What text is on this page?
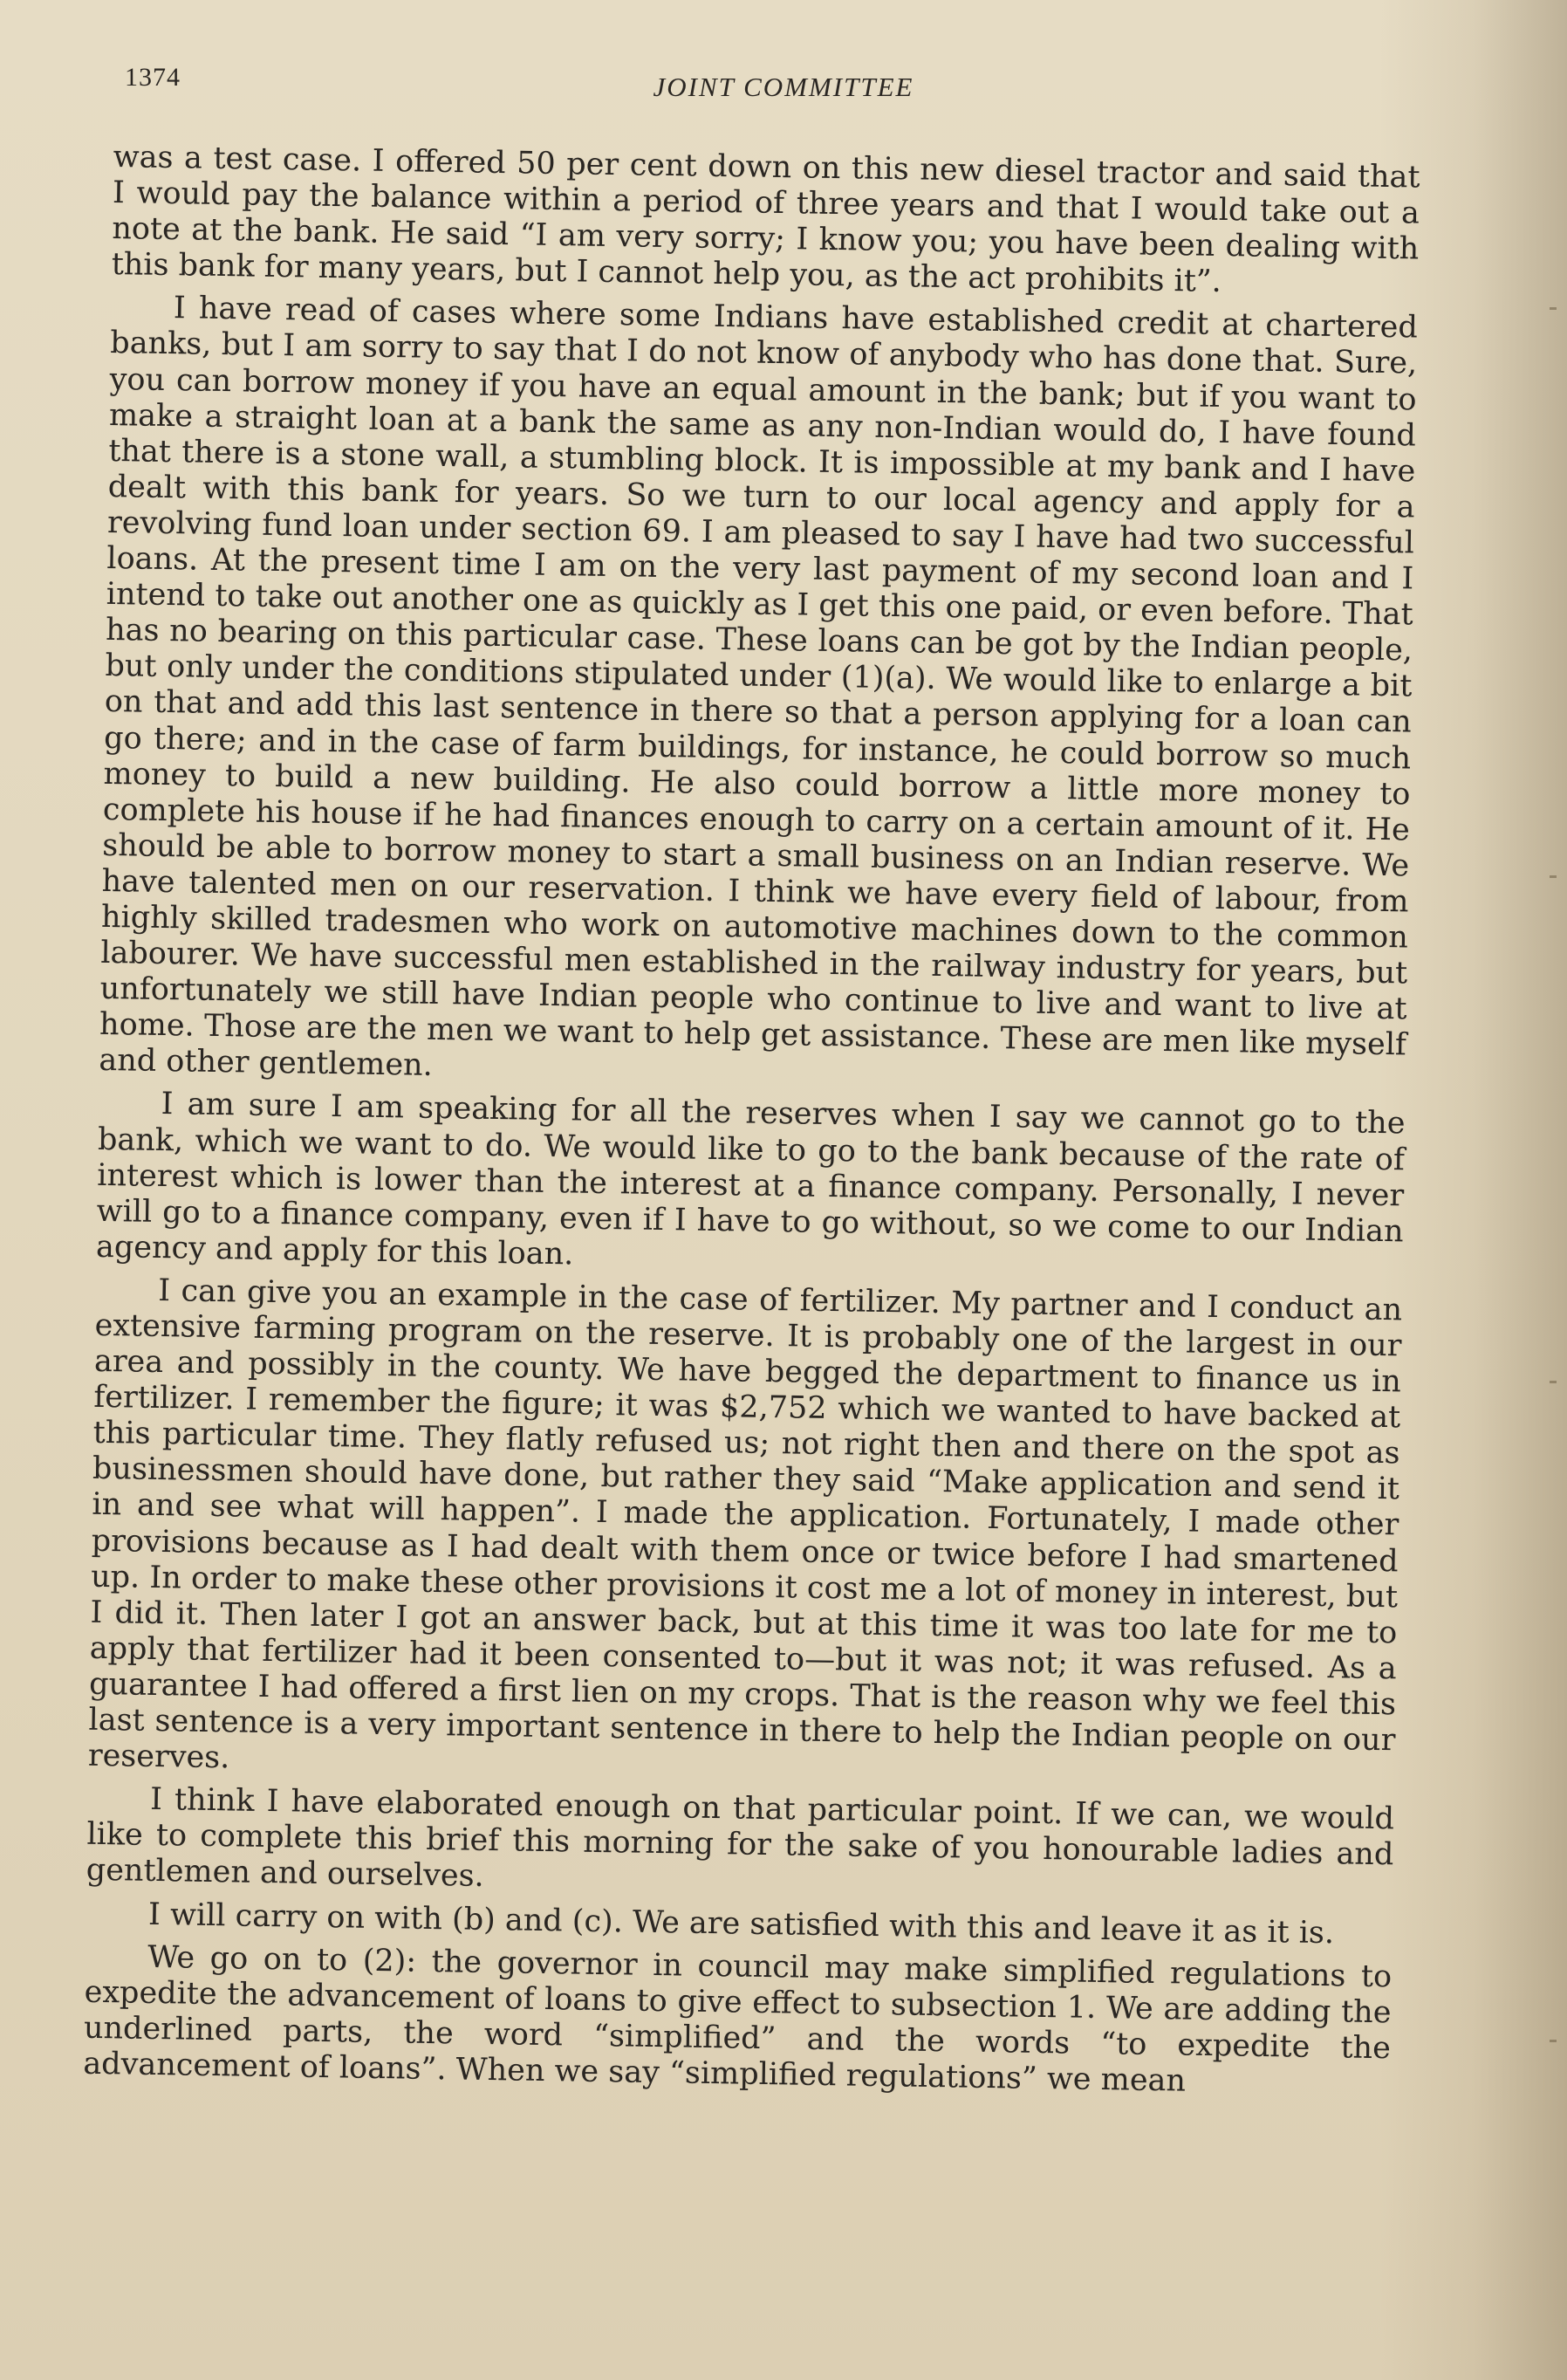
1374	JOINT COMMITTEE

was a test case. I offered 50 per cent down on this new diesel tractor and said that I would pay the balance within a period of three years and that I would take out a note at the bank. He said “I am very sorry; I know you; you have been dealing with this bank for many years, but I cannot help you, as the act prohibits it”.

I have read of cases where some Indians have established credit at chartered banks, but I am sorry to say that I do not know of anybody who has done that. Sure, you can borrow money if you have an equal amount in the bank; but if you want to make a straight loan at a bank the same as any non-Indian would do, I have found that there is a stone wall, a stumbling block. It is impossible at my bank and I have dealt with this bank for years. So we turn to our local agency and apply for a revolving fund loan under section 69. I am pleased to say I have had two successful loans. At the present time I am on the very last payment of my second loan and I intend to take out another one as quickly as I get this one paid, or even before. That has no bearing on this particular case. These loans can be got by the Indian people, but only under the conditions stipulated under (1)(a). We would like to enlarge a bit on that and add this last sentence in there so that a person applying for a loan can go there; and in the case of farm buildings, for instance, he could borrow so much money to build a new building. He also could borrow a little more money to complete his house if he had finances enough to carry on a certain amount of it. He should be able to borrow money to start a small business on an Indian reserve. We have talented men on our reservation. I think we have every field of labour, from highly skilled tradesmen who work on automotive machines down to the common labourer. We have successful men established in the railway industry for years, but unfortunately we still have Indian people who continue to live and want to live at home. Those are the men we want to help get assistance. These are men like myself and other gentlemen.

I am sure I am speaking for all the reserves when I say we cannot go to the bank, which we want to do. We would like to go to the bank because of the rate of interest which is lower than the interest at a finance company. Personally, I never will go to a finance company, even if I have to go without, so we come to our Indian agency and apply for this loan.

I can give you an example in the case of fertilizer. My partner and I conduct an extensive farming program on the reserve. It is probably one of the largest in our area and possibly in the county. We have begged the department to finance us in fertilizer. I remember the figure; it was $2,752 which we wanted to have backed at this particular time. They flatly refused us; not right then and there on the spot as businessmen should have done, but rather they said “Make application and send it in and see what will happen”. I made the application. Fortunately, I made other provisions because as I had dealt with them once or twice before I had smartened up. In order to make these other provisions it cost me a lot of money in interest, but I did it. Then later I got an answer back, but at this time it was too late for me to apply that fertilizer had it been consented to—but it was not; it was refused. As a guarantee I had offered a first lien on my crops. That is the reason why we feel this last sentence is a very important sentence in there to help the Indian people on our reserves.

I think I have elaborated enough on that particular point. If we can, we would like to complete this brief this morning for the sake of you honourable ladies and gentlemen and ourselves.

I will carry on with (b) and (c). We are satisfied with this and leave it as it is.

We go on to (2): the governor in council may make simplified regulations to expedite the advancement of loans to give effect to subsection 1. We are adding the underlined parts, the word “simplified” and the words “to expedite the advancement of loans”. When we say “simplified regulations” we mean
